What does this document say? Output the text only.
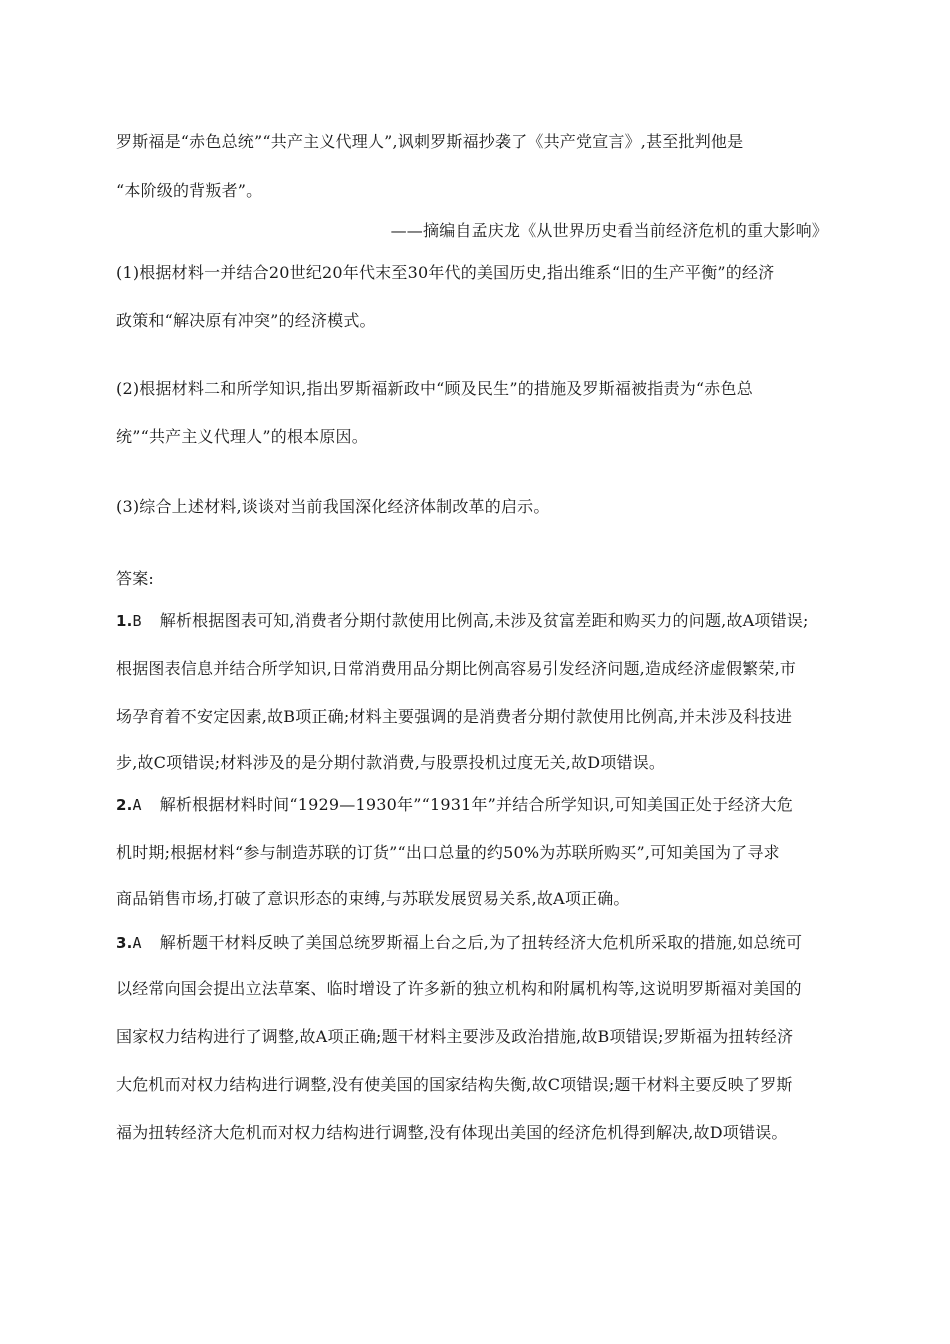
罗斯福是“赤色总统”“共产主义代理人”,讽刺罗斯福抄袭了《共产党宣言》,甚至批判他是
“本阶级的背叛者”。
——摘编自孟庆龙《从世界历史看当前经济危机的重大影响》
(1)根据材料一并结合20世纪20年代末至30年代的美国历史,指出维系“旧的生产平衡”的经济
政策和“解决原有冲突”的经济模式。
(2)根据材料二和所学知识,指出罗斯福新政中“顾及民生”的措施及罗斯福被指责为“赤色总
统”“共产主义代理人”的根本原因。
(3)综合上述材料,谈谈对当前我国深化经济体制改革的启示。
答案:
1.B 解析根据图表可知,消费者分期付款使用比例高,未涉及贫富差距和购买力的问题,故A项错误;
根据图表信息并结合所学知识,日常消费用品分期比例高容易引发经济问题,造成经济虚假繁荣,市
场孕育着不安定因素,故B项正确;材料主要强调的是消费者分期付款使用比例高,并未涉及科技进
步,故C项错误;材料涉及的是分期付款消费,与股票投机过度无关,故D项错误。
2.A 解析根据材料时间“1929—1930年”“1931年”并结合所学知识,可知美国正处于经济大危
机时期;根据材料“参与制造苏联的订货”“出口总量的约50%为苏联所购买”,可知美国为了寻求
商品销售市场,打破了意识形态的束缚,与苏联发展贸易关系,故A项正确。
3.A 解析题干材料反映了美国总统罗斯福上台之后,为了扭转经济大危机所采取的措施,如总统可
以经常向国会提出立法草案、临时增设了许多新的独立机构和附属机构等,这说明罗斯福对美国的
国家权力结构进行了调整,故A项正确;题干材料主要涉及政治措施,故B项错误;罗斯福为扭转经济
大危机而对权力结构进行调整,没有使美国的国家结构失衡,故C项错误;题干材料主要反映了罗斯
福为扭转经济大危机而对权力结构进行调整,没有体现出美国的经济危机得到解决,故D项错误。
